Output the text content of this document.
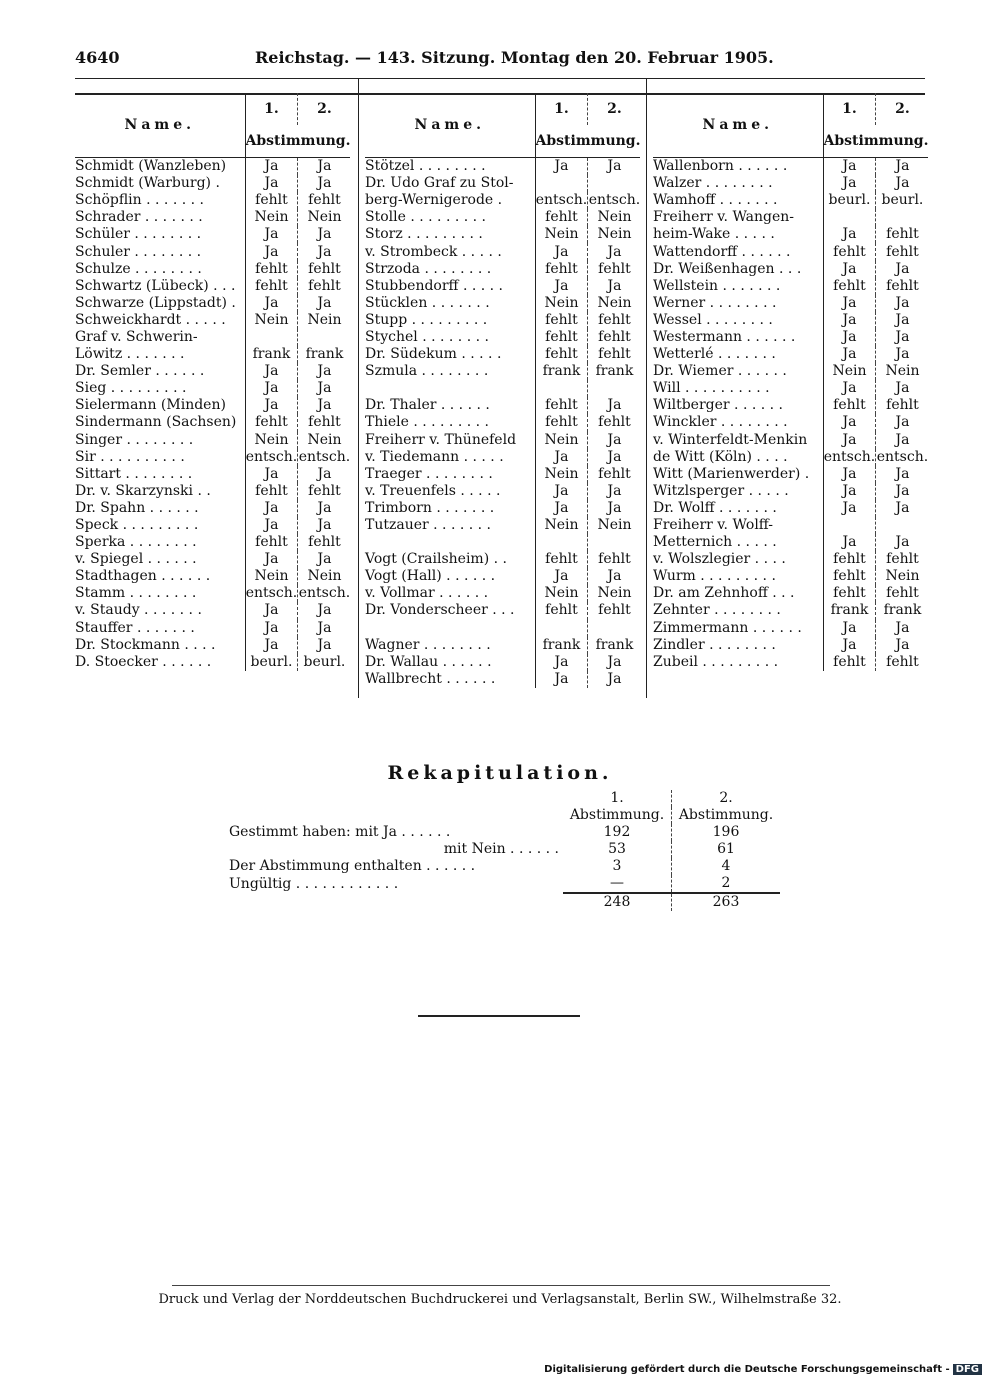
4640	Reichstag. — 143. Sitzung. Montag den 20. Februar 1905.
Name.	1.	2.
	Abstimmung.	
Schmidt (Wanzleben)	Ja	Ja
Schmidt (Warburg) .	Ja	Ja
Schöpflin . . . . . . .	fehlt	fehlt
Schrader . . . . . . .	Nein	Nein
Schüler . . . . . . . .	Ja	Ja
Schuler . . . . . . . .	Ja	Ja
Schulze . . . . . . . .	fehlt	fehlt
Schwartz (Lübeck) . . .	fehlt	fehlt
Schwarze (Lippstadt) .	Ja	Ja
Schweickhardt . . . . .	Nein	Nein
Graf v. Schwerin-		
Löwitz . . . . . . .	frank	frank
Dr. Semler . . . . . .	Ja	Ja
Sieg . . . . . . . . .	Ja	Ja
Sielermann (Minden)	Ja	Ja
Sindermann (Sachsen)	fehlt	fehlt
Singer . . . . . . . .	Nein	Nein
Sir . . . . . . . . . .	entsch.	entsch.
Sittart . . . . . . . .	Ja	Ja
Dr. v. Skarzynski . .	fehlt	fehlt
Dr. Spahn . . . . . .	Ja	Ja
Speck . . . . . . . . .	Ja	Ja
Sperka . . . . . . . .	fehlt	fehlt
v. Spiegel . . . . . .	Ja	Ja
Stadthagen . . . . . .	Nein	Nein
Stamm . . . . . . . .	entsch.	entsch.
v. Staudy . . . . . . .	Ja	Ja
Stauffer . . . . . . .	Ja	Ja
Dr. Stockmann . . . .	Ja	Ja
D. Stoecker . . . . . .	beurl.	beurl.
Name.	1.	2.
	Abstimmung.	
Stötzel . . . . . . . .	Ja	Ja
Dr. Udo Graf zu Stol-		
berg-Wernigerode .	entsch.	entsch.
Stolle . . . . . . . . .	fehlt	Nein
Storz . . . . . . . . .	Nein	Nein
v. Strombeck . . . . .	Ja	Ja
Strzoda . . . . . . . .	fehlt	fehlt
Stubbendorff . . . . .	Ja	Ja
Stücklen . . . . . . .	Nein	Nein
Stupp . . . . . . . . .	fehlt	fehlt
Stychel . . . . . . . .	fehlt	fehlt
Dr. Südekum . . . . .	fehlt	fehlt
Szmula . . . . . . . .	frank	frank

Dr. Thaler . . . . . .	fehlt	Ja
Thiele . . . . . . . . .	fehlt	fehlt
Freiherr v. Thünefeld	Nein	Ja
v. Tiedemann . . . . .	Ja	Ja
Traeger . . . . . . . .	Nein	fehlt
v. Treuenfels . . . . .	Ja	Ja
Trimborn . . . . . . .	Ja	Ja
Tutzauer . . . . . . .	Nein	Nein

Vogt (Crailsheim) . .	fehlt	fehlt
Vogt (Hall) . . . . . .	Ja	Ja
v. Vollmar . . . . . .	Nein	Nein
Dr. Vonderscheer . . .	fehlt	fehlt

Wagner . . . . . . . .	frank	frank
Dr. Wallau . . . . . .	Ja	Ja
Wallbrecht . . . . . .	Ja	Ja
Name.	1.	2.
	Abstimmung.	
Wallenborn . . . . . .	Ja	Ja
Walzer . . . . . . . .	Ja	Ja
Wamhoff . . . . . . .	beurl.	beurl.
Freiherr v. Wangen-		
heim-Wake . . . . .	Ja	fehlt
Wattendorff . . . . . .	fehlt	fehlt
Dr. Weißenhagen . . .	Ja	Ja
Wellstein . . . . . . .	fehlt	fehlt
Werner . . . . . . . .	Ja	Ja
Wessel . . . . . . . .	Ja	Ja
Westermann . . . . . .	Ja	Ja
Wetterlé . . . . . . .	Ja	Ja
Dr. Wiemer . . . . . .	Nein	Nein
Will . . . . . . . . . .	Ja	Ja
Wiltberger . . . . . .	fehlt	fehlt
Winckler . . . . . . . .	Ja	Ja
v. Winterfeldt-Menkin	Ja	Ja
de Witt (Köln) . . . .	entsch.	entsch.
Witt (Marienwerder) .	Ja	Ja
Witzlsperger . . . . .	Ja	Ja
Dr. Wolff . . . . . . .	Ja	Ja
Freiherr v. Wolff-		
Metternich . . . . .	Ja	Ja
v. Wolszlegier . . . .	fehlt	fehlt
Wurm . . . . . . . . .	fehlt	Nein
Dr. am Zehnhoff . . .	fehlt	fehlt
Zehnter . . . . . . . .	frank	frank
Zimmermann . . . . . .	Ja	Ja
Zindler . . . . . . . .	Ja	Ja
Zubeil . . . . . . . . .	fehlt	fehlt
Rekapitulation.
	1.	2.
	Abstimmung.	Abstimmung.
Gestimmt haben: mit Ja . . . . . .	192	196
mit Nein . . . . . .	53	61
Der Abstimmung enthalten . . . . . .	3	4
Ungültig . . . . . . . . . . . .	—	2
	248	263
Druck und Verlag der Norddeutschen Buchdruckerei und Verlagsanstalt, Berlin SW., Wilhelmstraße 32.
Digitalisierung gefördert durch die Deutsche Forschungsgemeinschaft - DFG
